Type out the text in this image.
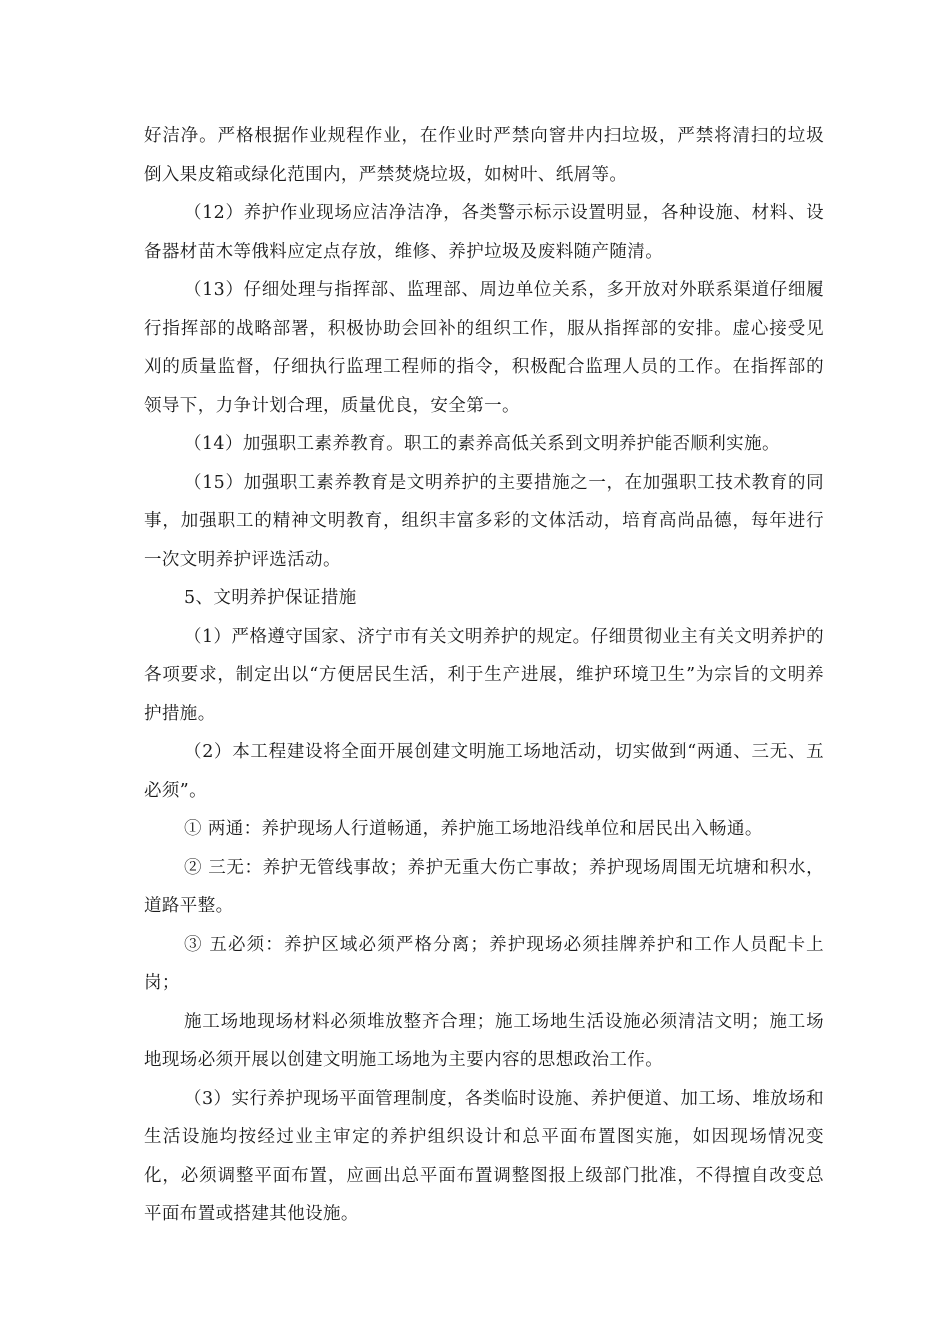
好洁净。严格根据作业规程作业，在作业时严禁向窨井内扫垃圾，严禁将清扫的垃圾倒入果皮箱或绿化范围内，严禁焚烧垃圾，如树叶、纸屑等。

（12）养护作业现场应洁净洁净，各类警示标示设置明显，各种设施、材料、设备器材苗木等俄料应定点存放，维修、养护垃圾及废料随产随清。

（13）仔细处理与指挥部、监理部、周边单位关系，多开放对外联系渠道仔细履行指挥部的战略部署，积极协助会回补的组织工作，服从指挥部的安排。虚心接受见刈的质量监督，仔细执行监理工程师的指令，积极配合监理人员的工作。在指挥部的领导下，力争计划合理，质量优良，安全第一。

（14）加强职工素养教育。职工的素养高低关系到文明养护能否顺利实施。

（15）加强职工素养教育是文明养护的主要措施之一，在加强职工技术教育的同事，加强职工的精神文明教育，组织丰富多彩的文体活动，培育高尚品德，每年进行一次文明养护评选活动。

5、文明养护保证措施

（1）严格遵守国家、济宁市有关文明养护的规定。仔细贯彻业主有关文明养护的各项要求，制定出以“方便居民生活，利于生产进展，维护环境卫生”为宗旨的文明养护措施。

（2）本工程建设将全面开展创建文明施工场地活动，切实做到“两通、三无、五必须”。

① 两通：养护现场人行道畅通，养护施工场地沿线单位和居民出入畅通。

② 三无：养护无管线事故；养护无重大伤亡事故；养护现场周围无坑塘和积水，道路平整。

③ 五必须：养护区域必须严格分离；养护现场必须挂牌养护和工作人员配卡上岗；

施工场地现场材料必须堆放整齐合理；施工场地生活设施必须清洁文明；施工场地现场必须开展以创建文明施工场地为主要内容的思想政治工作。

（3）实行养护现场平面管理制度，各类临时设施、养护便道、加工场、堆放场和生活设施均按经过业主审定的养护组织设计和总平面布置图实施，如因现场情况变化，必须调整平面布置，应画出总平面布置调整图报上级部门批准，不得擅自改变总平面布置或搭建其他设施。
